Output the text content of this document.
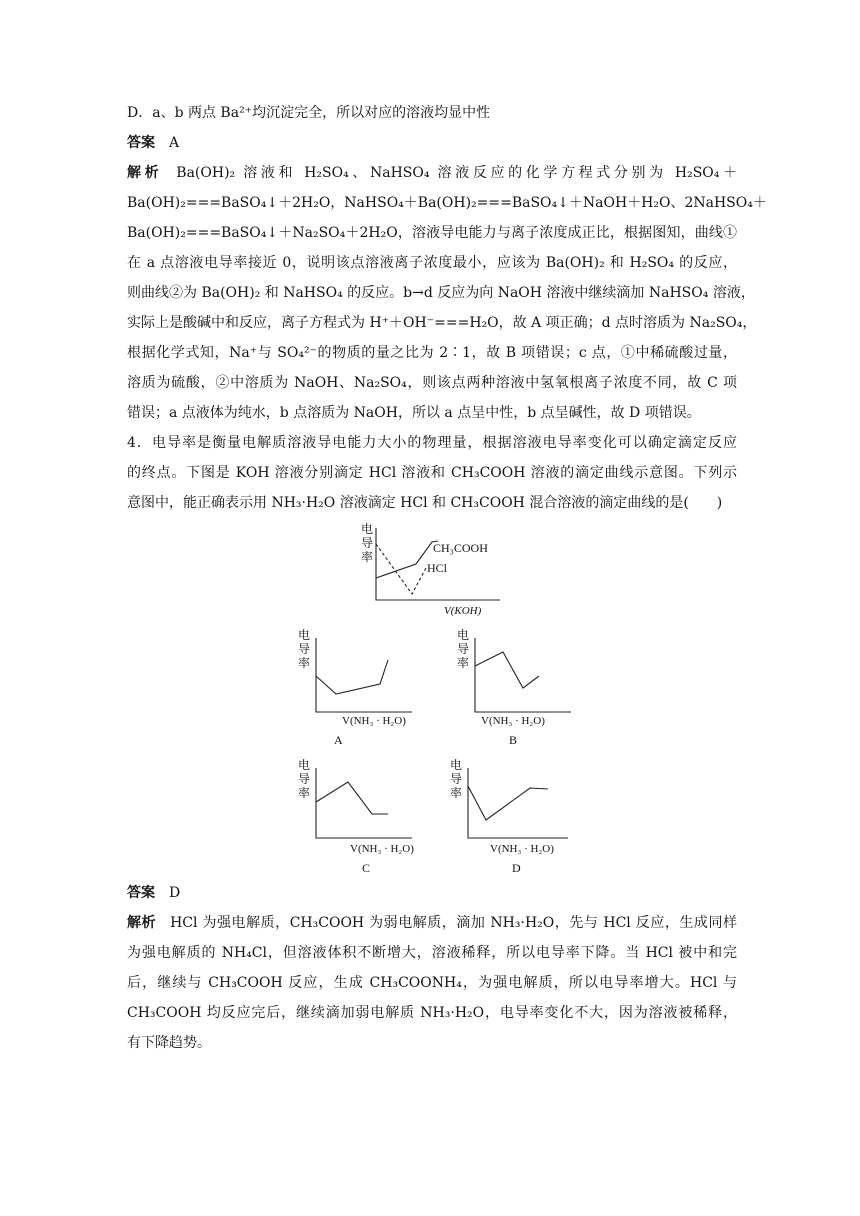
D．a、b 两点 Ba²⁺均沉淀完全，所以对应的溶液均显中性
答案 A
解析 Ba(OH)₂ 溶液和 H₂SO₄、NaHSO₄ 溶液反应的化学方程式分别为 H₂SO₄＋
Ba(OH)₂===BaSO₄↓＋2H₂O，NaHSO₄＋Ba(OH)₂===BaSO₄↓＋NaOH＋H₂O、2NaHSO₄＋
Ba(OH)₂===BaSO₄↓＋Na₂SO₄＋2H₂O，溶液导电能力与离子浓度成正比，根据图知，曲线①
在 a 点溶液电导率接近 0，说明该点溶液离子浓度最小，应该为 Ba(OH)₂ 和 H₂SO₄ 的反应，
则曲线②为 Ba(OH)₂ 和 NaHSO₄ 的反应。b→d 反应为向 NaOH 溶液中继续滴加 NaHSO₄ 溶液，
实际上是酸碱中和反应，离子方程式为 H⁺＋OH⁻===H₂O，故 A 项正确；d 点时溶质为 Na₂SO₄，
根据化学式知，Na⁺与 SO₄²⁻的物质的量之比为 2∶1，故 B 项错误；c 点，①中稀硫酸过量，
溶质为硫酸，②中溶质为 NaOH、Na₂SO₄，则该点两种溶液中氢氧根离子浓度不同，故 C 项
错误；a 点液体为纯水，b 点溶质为 NaOH，所以 a 点呈中性，b 点呈碱性，故 D 项错误。
4．电导率是衡量电解质溶液导电能力大小的物理量，根据溶液电导率变化可以确定滴定反应
的终点。下图是 KOH 溶液分别滴定 HCl 溶液和 CH₃COOH 溶液的滴定曲线示意图。下列示
意图中，能正确表示用 NH₃·H₂O 溶液滴定 HCl 和 CH₃COOH 混合溶液的滴定曲线的是(　　)
电
导
率
CH₃COOH
HCl
V(KOH)
电
导
率
V(NH₃ · H₂O)
A
电
导
率
V(NH₃ · H₂O)
B
电
导
率
V(NH₃ · H₂O)
C
电
导
率
V(NH₃ · H₂O)
D
答案 D
解析 HCl 为强电解质，CH₃COOH 为弱电解质，滴加 NH₃·H₂O，先与 HCl 反应，生成同样
为强电解质的 NH₄Cl，但溶液体积不断增大，溶液稀释，所以电导率下降。当 HCl 被中和完
后，继续与 CH₃COOH 反应，生成 CH₃COONH₄，为强电解质，所以电导率增大。HCl 与
CH₃COOH 均反应完后，继续滴加弱电解质 NH₃·H₂O，电导率变化不大，因为溶液被稀释，
有下降趋势。
